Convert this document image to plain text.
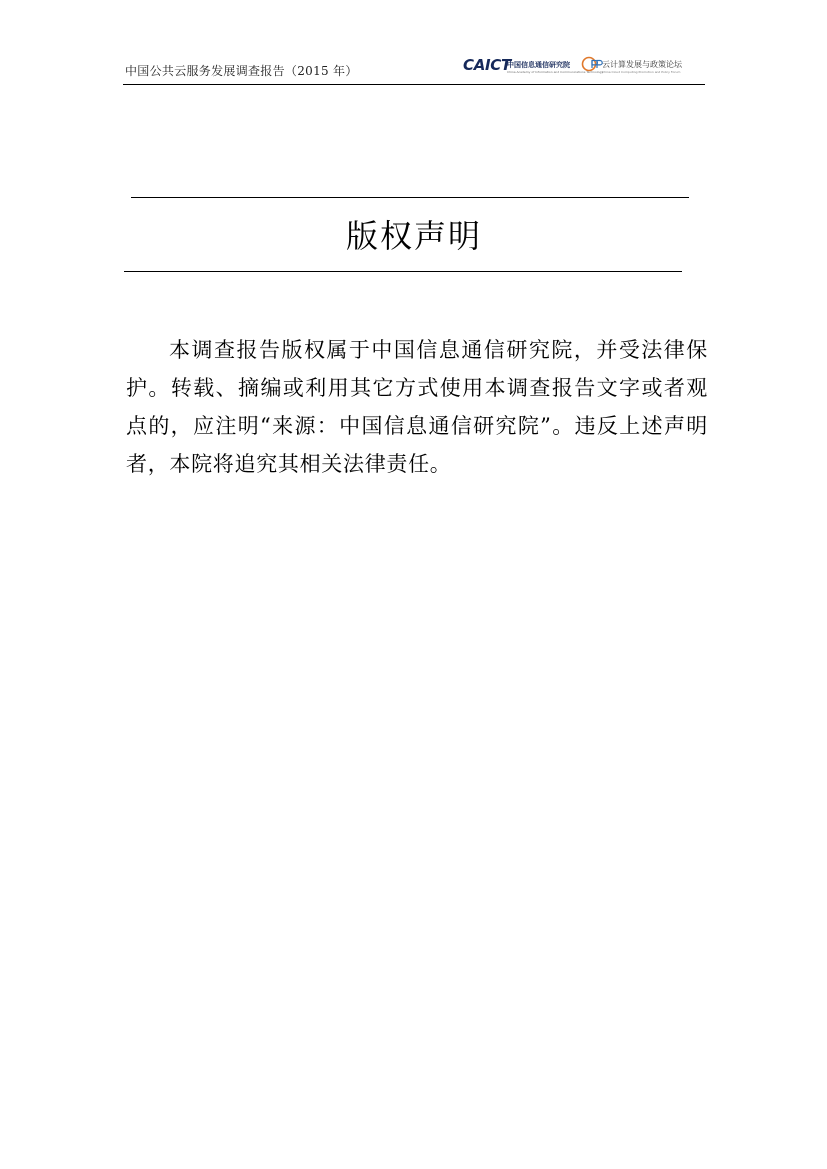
中国公共云服务发展调查报告（2015 年）	CAICT
中国信息通信研究院
China Academy of Information and Communications Technology
云计算发展与政策论坛
China Cloud Computing Promotion and Policy Forum
版权声明

本调查报告版权属于中国信息通信研究院，并受法律保护。转载、摘编或利用其它方式使用本调查报告文字或者观点的，应注明“来源：中国信息通信研究院”。违反上述声明者，本院将追究其相关法律责任。
